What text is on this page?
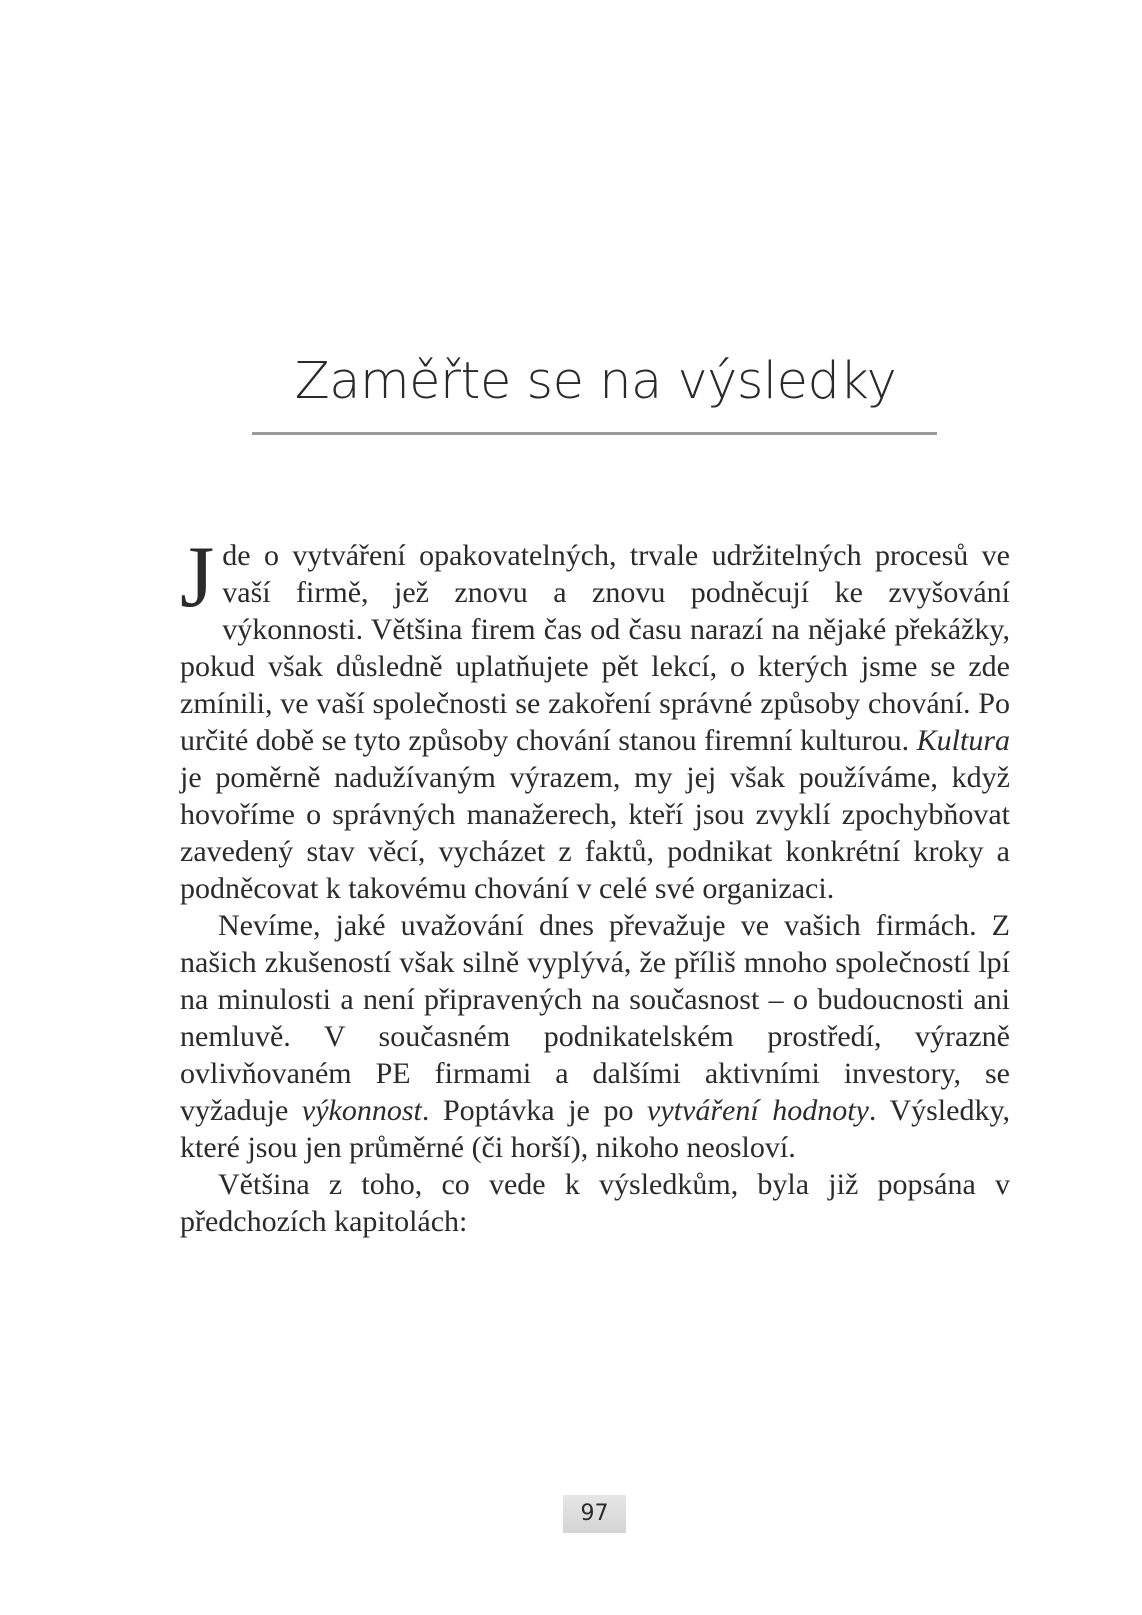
Zaměřte se na výsledky

Jde o vytváření opakovatelných, trvale udržitelných procesů ve vaší firmě, jež znovu a znovu podněcují ke zvyšování výkonnosti. Většina firem čas od času narazí na nějaké překážky, pokud však důsledně uplatňujete pět lekcí, o kterých jsme se zde zmínili, ve vaší společnosti se zakoření správné způsoby chování. Po určité době se tyto způsoby chování stanou firemní kulturou. Kultura je poměrně nadužívaným výrazem, my jej však používáme, když hovoříme o správných manažerech, kteří jsou zvyklí zpochybňovat zavedený stav věcí, vycházet z faktů, podnikat konkrétní kroky a podněcovat k takovému chování v celé své organizaci.

Nevíme, jaké uvažování dnes převažuje ve vašich firmách. Z našich zkušeností však silně vyplývá, že příliš mnoho společností lpí na minulosti a není připravených na současnost – o budoucnosti ani nemluvě. V současném podnikatelském prostředí, výrazně ovlivňovaném PE firmami a dalšími aktivními investory, se vyžaduje výkonnost. Poptávka je po vytváření hodnoty. Výsledky, které jsou jen průměrné (či horší), nikoho neosloví.

Většina z toho, co vede k výsledkům, byla již popsána v předchozích kapitolách:

97
